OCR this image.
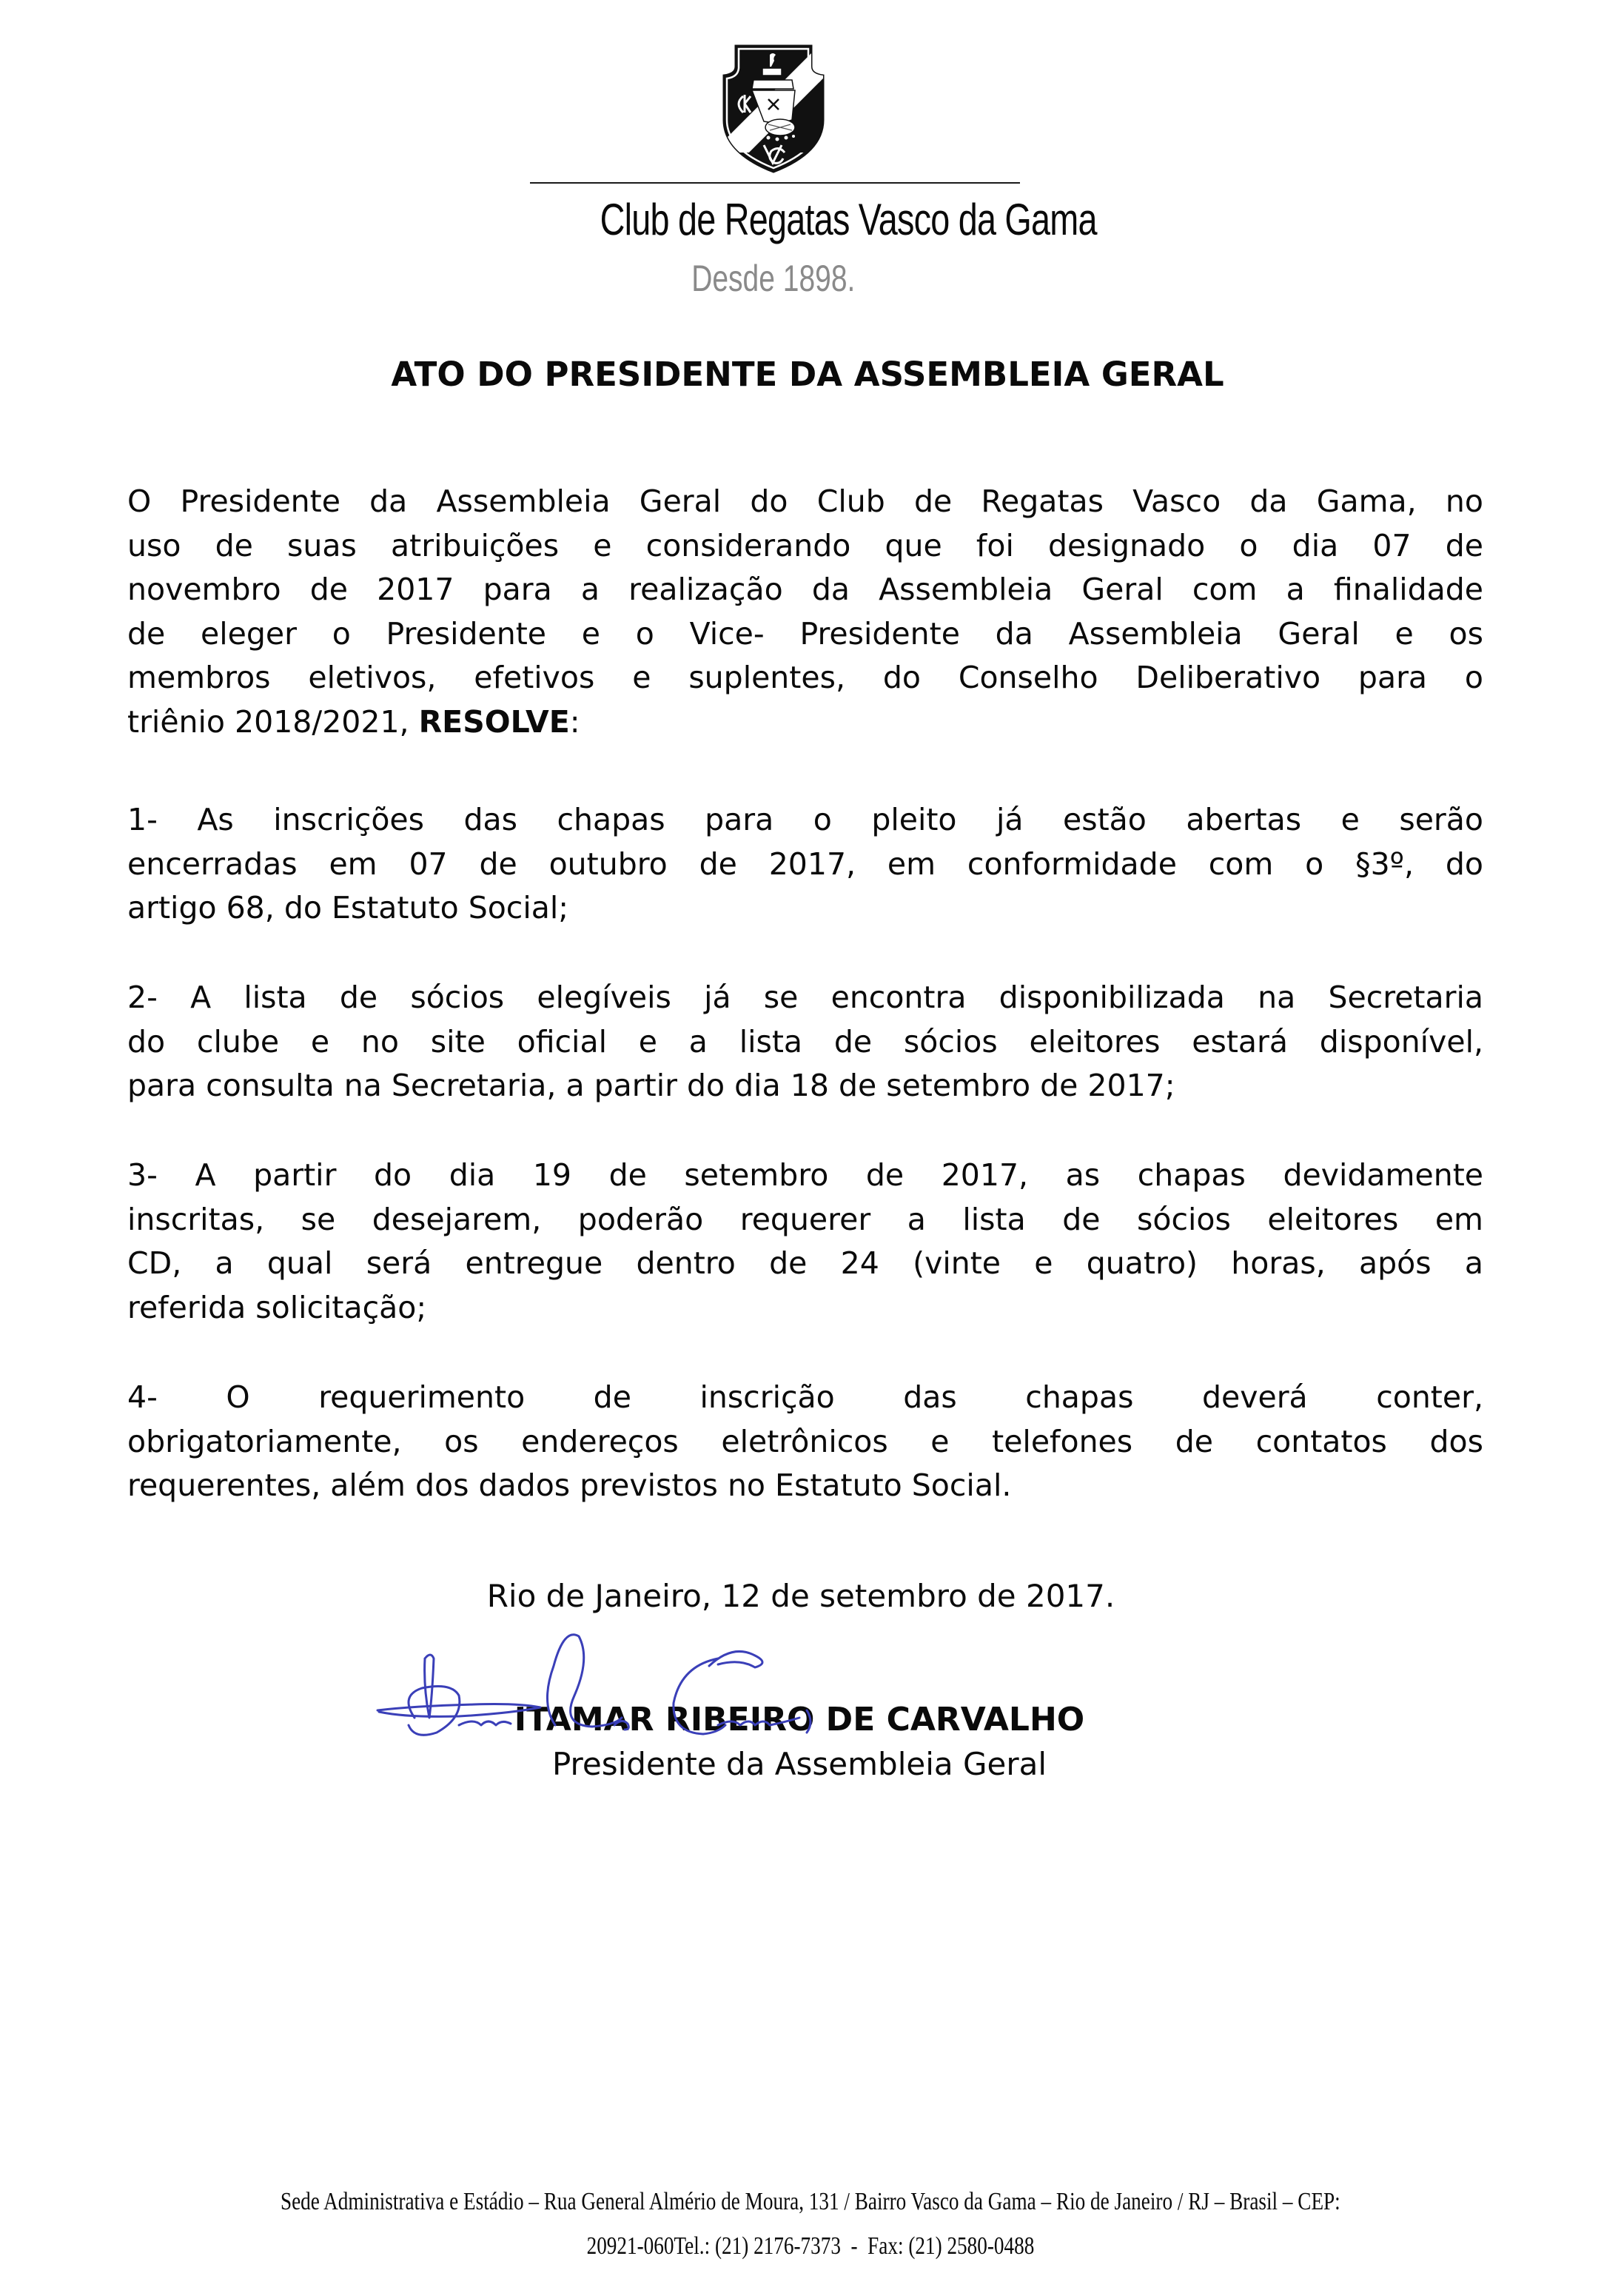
Club de Regatas Vasco da Gama
Desde 1898.
ATO DO PRESIDENTE DA ASSEMBLEIA GERAL
O Presidente da Assembleia Geral do Club de Regatas Vasco da Gama, no
uso de suas atribuições e considerando que foi designado o dia 07 de
novembro de 2017 para a realização da Assembleia Geral com a finalidade
de eleger o Presidente e o Vice- Presidente da Assembleia Geral e os
membros eletivos, efetivos e suplentes, do Conselho Deliberativo para o
triênio 2018/2021, RESOLVE:
1- As inscrições das chapas para o pleito já estão abertas e serão
encerradas em 07 de outubro de 2017, em conformidade com o §3º, do
artigo 68, do Estatuto Social;
2- A lista de sócios elegíveis já se encontra disponibilizada na Secretaria
do clube e no site oficial e a lista de sócios eleitores estará disponível,
para consulta na Secretaria, a partir do dia 18 de setembro de 2017;
3- A partir do dia 19 de setembro de 2017, as chapas devidamente
inscritas, se desejarem, poderão requerer a lista de sócios eleitores em
CD, a qual será entregue dentro de 24 (vinte e quatro) horas, após a
referida solicitação;
4- O requerimento de inscrição das chapas deverá conter,
obrigatoriamente, os endereços eletrônicos e telefones de contatos dos
requerentes, além dos dados previstos no Estatuto Social.
Rio de Janeiro, 12 de setembro de 2017.
ITAMAR RIBEIRO DE CARVALHO
Presidente da Assembleia Geral
Sede Administrativa e Estádio – Rua General Almério de Moura, 131 / Bairro Vasco da Gama – Rio de Janeiro / RJ – Brasil – CEP:
20921-060Tel.: (21) 2176-7373  -  Fax: (21) 2580-0488
